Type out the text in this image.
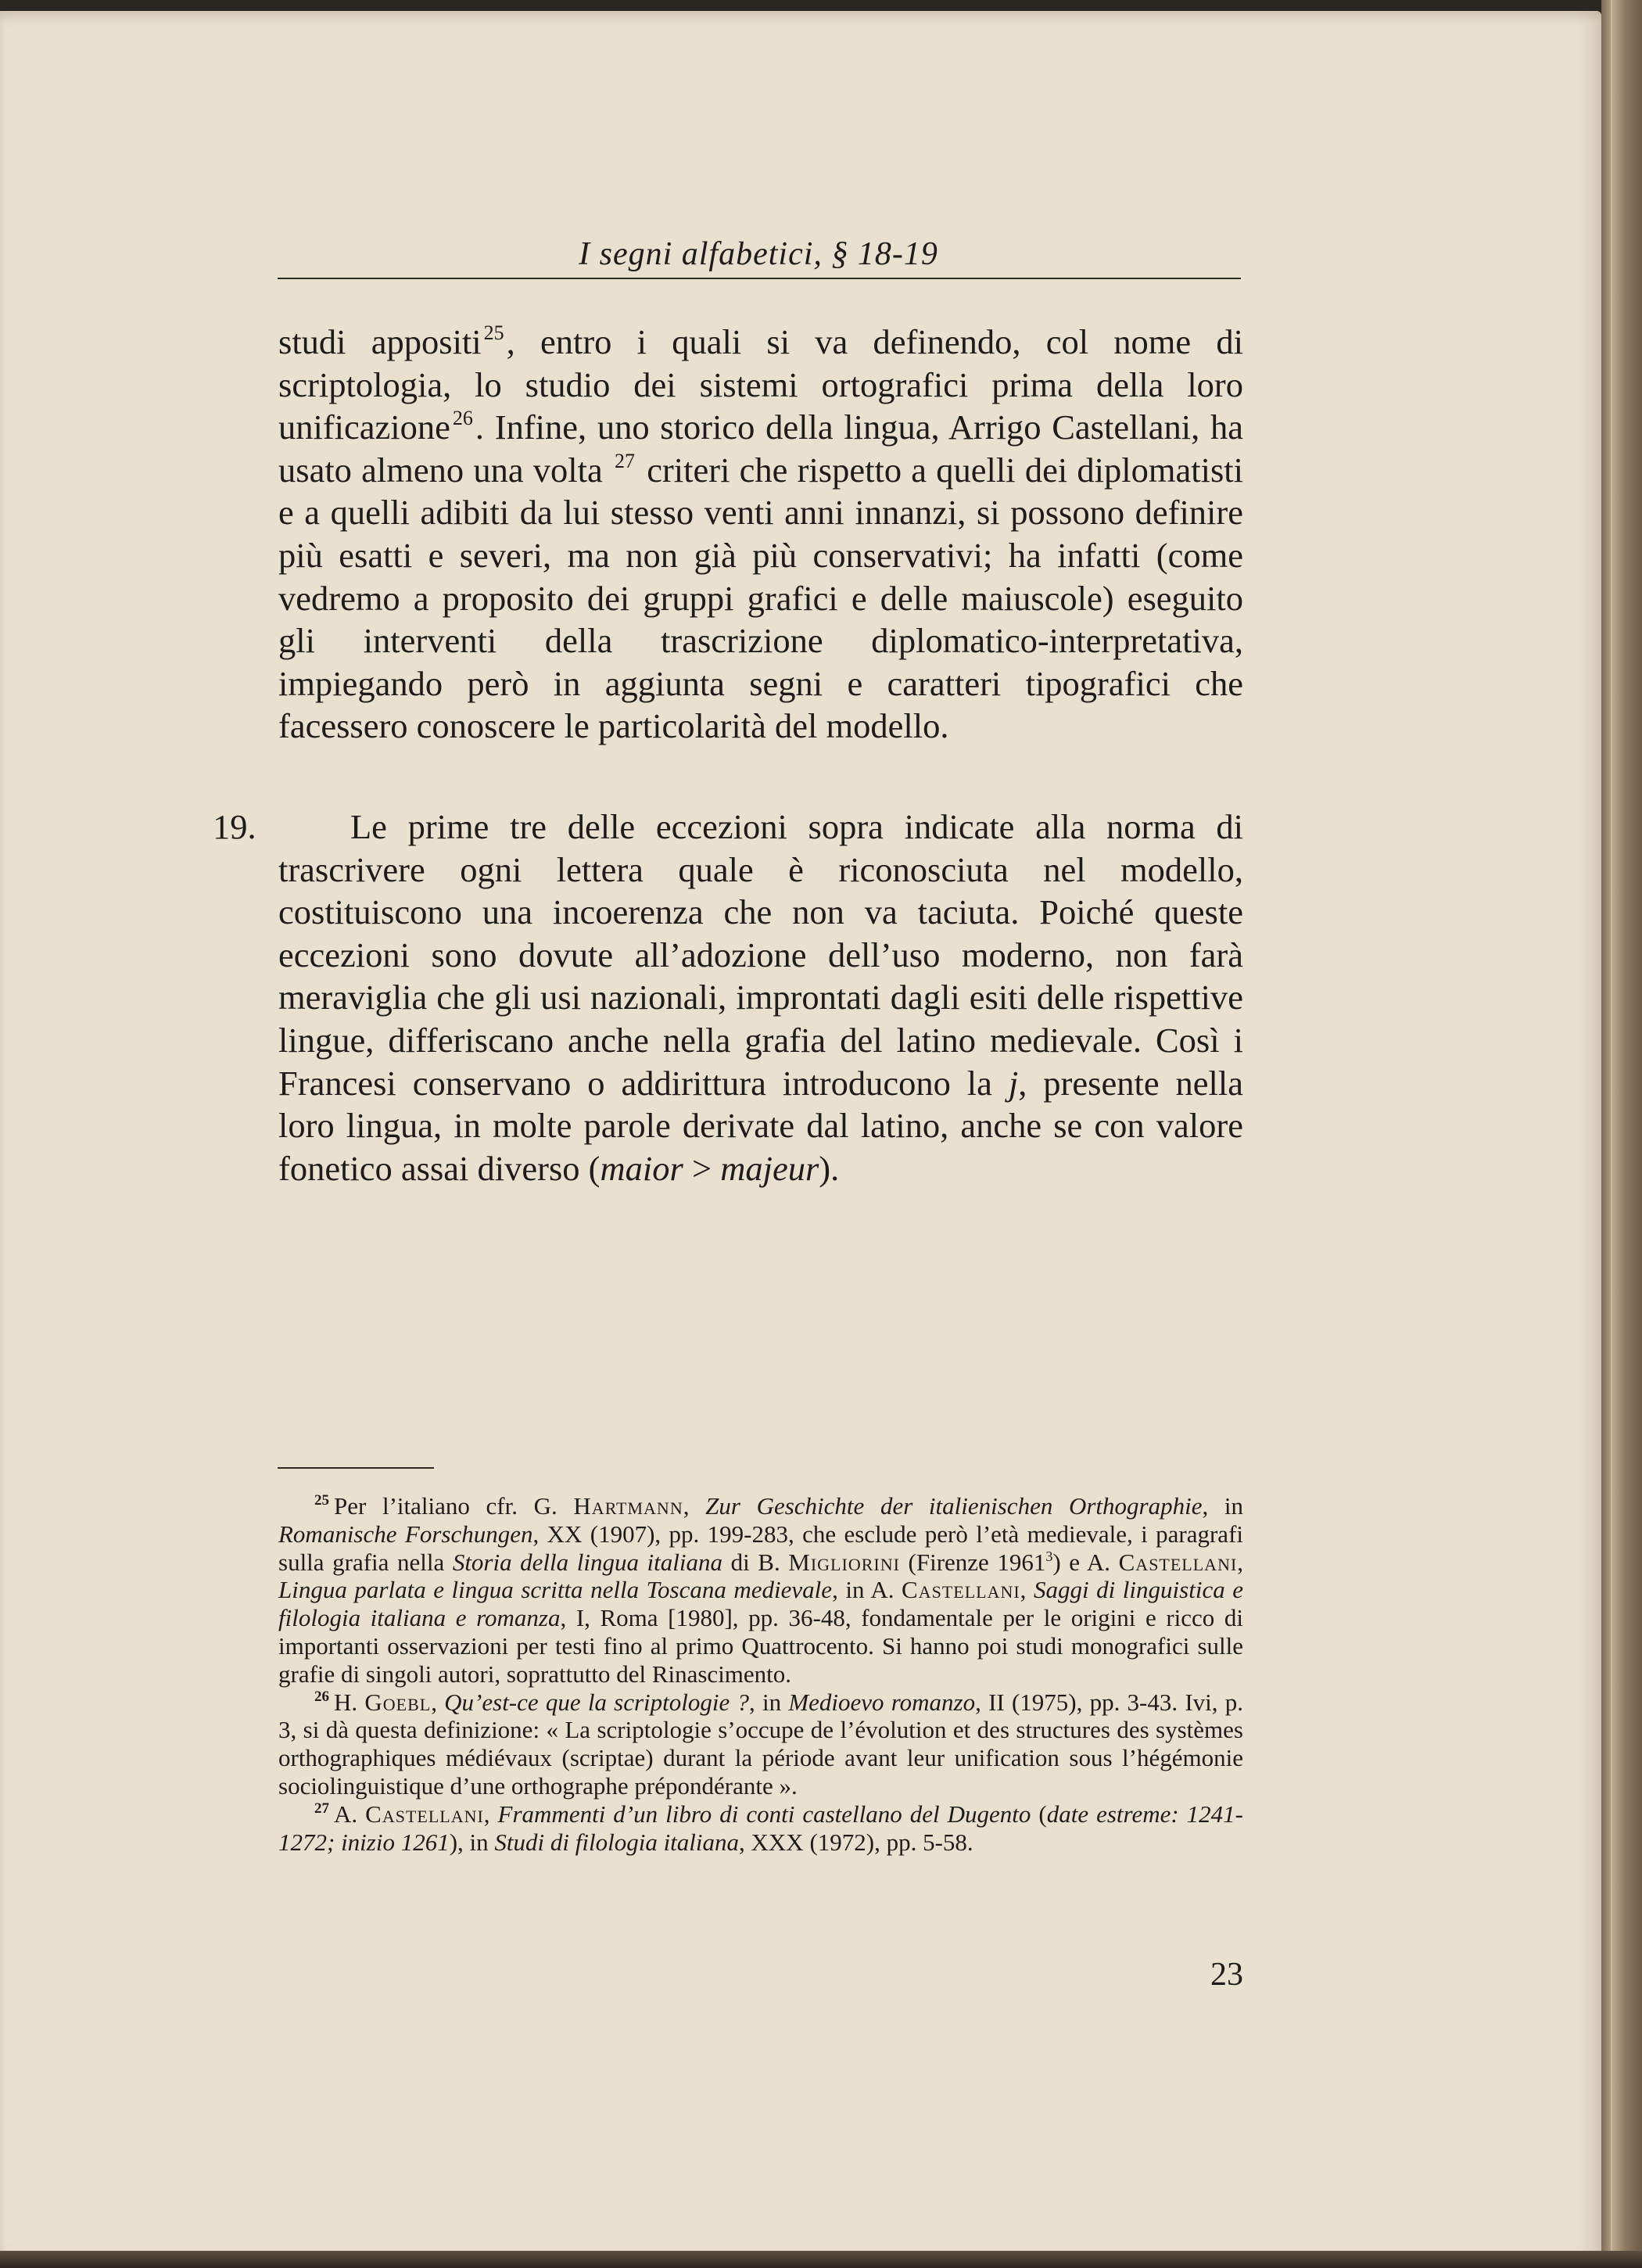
I segni alfabetici, § 18-19

studi appositi $^{25}$, entro i quali si va definendo, col nome di scriptologia, lo studio dei sistemi ortografici prima della loro unificazione $^{26}$. Infine, uno storico della lingua, Arrigo Castellani, ha usato almeno una volta $^{27}$ criteri che rispetto a quelli dei diplomatisti e a quelli adibiti da lui stesso venti anni innanzi, si possono definire più esatti e severi, ma non già più conservativi; ha infatti (come vedremo a proposito dei gruppi grafici e delle maiuscole) eseguito gli interventi della trascrizione diplomatico-interpretativa, impiegando però in aggiunta segni e caratteri tipografici che facessero conoscere le particolarità del modello.

19.	Le prime tre delle eccezioni sopra indicate alla norma di trascrivere ogni lettera quale è riconosciuta nel modello, costituiscono una incoerenza che non va taciuta. Poiché queste eccezioni sono dovute all’adozione dell’uso moderno, non farà meraviglia che gli usi nazionali, improntati dagli esiti delle rispettive lingue, differiscano anche nella grafia del latino medievale. Così i Francesi conservano o addirittura introducono la j, presente nella loro lingua, in molte parole derivate dal latino, anche se con valore fonetico assai diverso (maior > majeur).

$^{25}$ Per l’italiano cfr. G. Hartmann, Zur Geschichte der italienischen Orthographie, in Romanische Forschungen, XX (1907), pp. 199-283, che esclude però l’età medievale, i paragrafi sulla grafia nella Storia della lingua italiana di B. Migliorini (Firenze 1961$^3$) e A. Castellani, Lingua parlata e lingua scritta nella Toscana medievale, in A. Castellani, Saggi di linguistica e filologia italiana e romanza, I, Roma [1980], pp. 36-48, fondamentale per le origini e ricco di importanti osservazioni per testi fino al primo Quattrocento. Si hanno poi studi monografici sulle grafie di singoli autori, soprattutto del Rinascimento.

$^{26}$ H. Goebl, Qu’est-ce que la scriptologie ?, in Medioevo romanzo, II (1975), pp. 3-43. Ivi, p. 3, si dà questa definizione: « La scriptologie s’occupe de l’évolution et des structures des systèmes orthographiques médiévaux (scriptae) durant la période avant leur unification sous l’hégémonie sociolinguistique d’une orthographe prépondérante ».

$^{27}$ A. Castellani, Frammenti d’un libro di conti castellano del Dugento (date estreme: 1241-1272; inizio 1261), in Studi di filologia italiana, XXX (1972), pp. 5-58.

23
